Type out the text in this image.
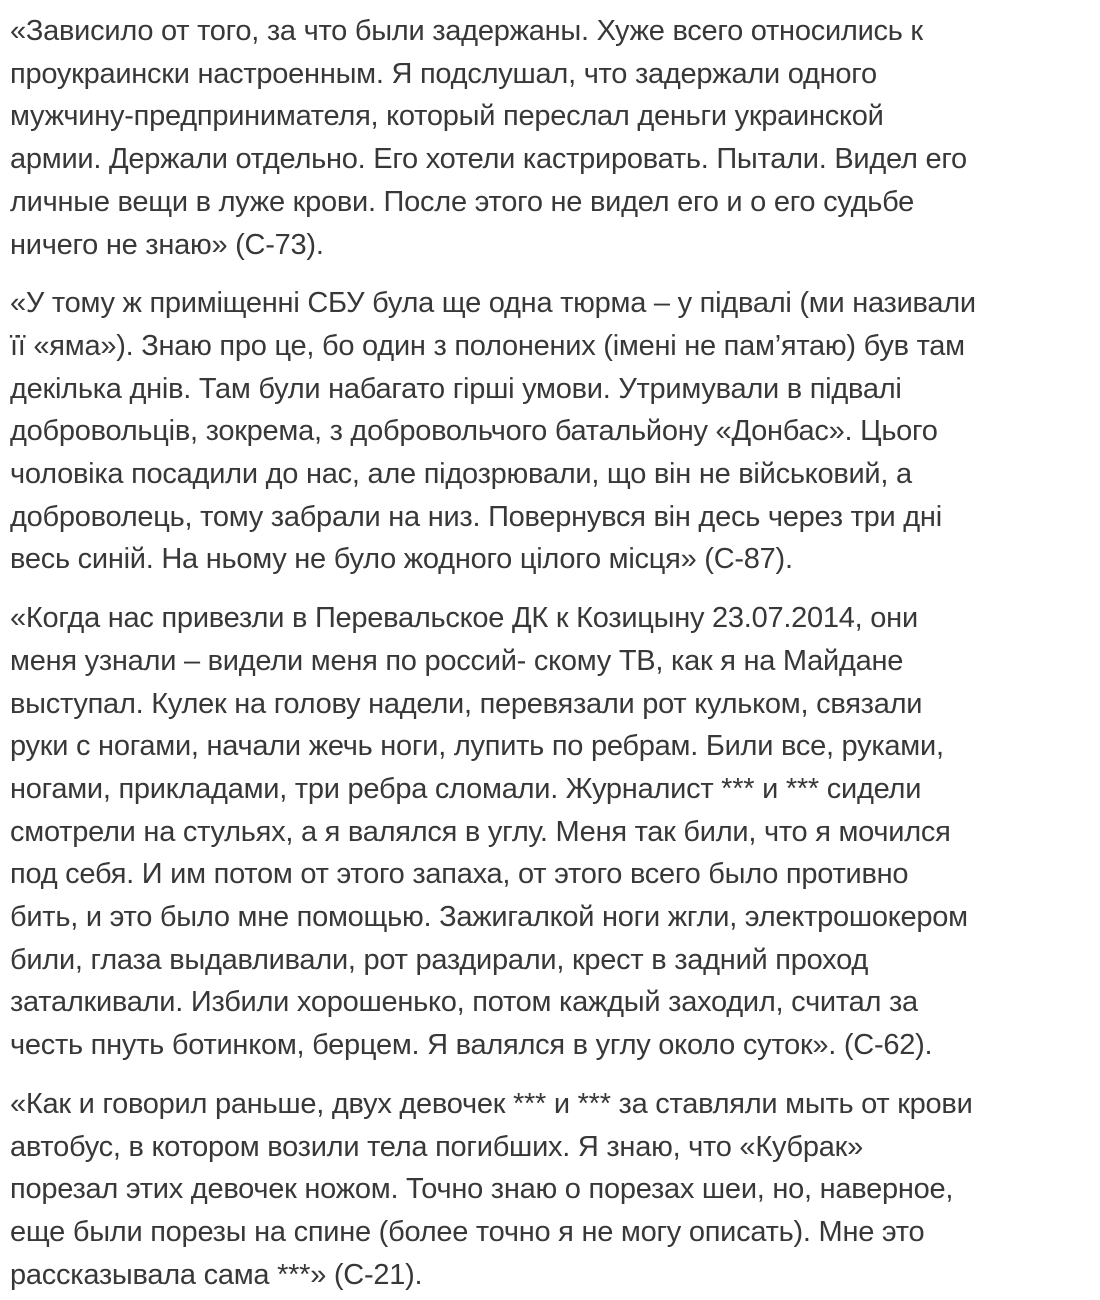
«Зависило от того, за что были задержаны. Хуже всего относились к
проукраински настроенным. Я подслушал, что задержали одного
мужчину-предпринимателя, который переслал деньги украинской
армии. Держали отдельно. Его хотели кастрировать. Пытали. Видел его
личные вещи в луже крови. После этого не видел его и о его судьбе
ничего не знаю» (С-73).

«У тому ж приміщенні СБУ була ще одна тюрма – у підвалі (ми називали
її «яма»). Знаю про це, бо один з полонених (імені не пам’ятаю) був там
декілька днів. Там були набагато гірші умови. Утримували в підвалі
добровольців, зокрема, з добровольчого батальйону «Донбас». Цього
чоловіка посадили до нас, але підозрювали, що він не військовий, а
доброволець, тому забрали на низ. Повернувся він десь через три дні
весь синій. На ньому не було жодного цілого місця» (С-87).

«Когда нас привезли в Перевальское ДК к Козицыну 23.07.2014, они
меня узнали – видели меня по россий- скому ТВ, как я на Майдане
выступал. Кулек на голову надели, перевязали рот кульком, связали
руки с ногами, начали жечь ноги, лупить по ребрам. Били все, руками,
ногами, прикладами, три ребра сломали. Журналист *** и *** сидели
смотрели на стульях, а я валялся в углу. Меня так били, что я мочился
под себя. И им потом от этого запаха, от этого всего было противно
бить, и это было мне помощью. Зажигалкой ноги жгли, электрошокером
били, глаза выдавливали, рот раздирали, крест в задний проход
заталкивали. Избили хорошенько, потом каждый заходил, считал за
честь пнуть ботинком, берцем. Я валялся в углу около суток». (С-62).

«Как и говорил раньше, двух девочек *** и *** за ставляли мыть от крови
автобус, в котором возили тела погибших. Я знаю, что «Кубрак»
порезал этих девочек ножом. Точно знаю о порезах шеи, но, наверное,
еще были порезы на спине (более точно я не могу описать). Мне это
рассказывала сама ***» (С-21).
